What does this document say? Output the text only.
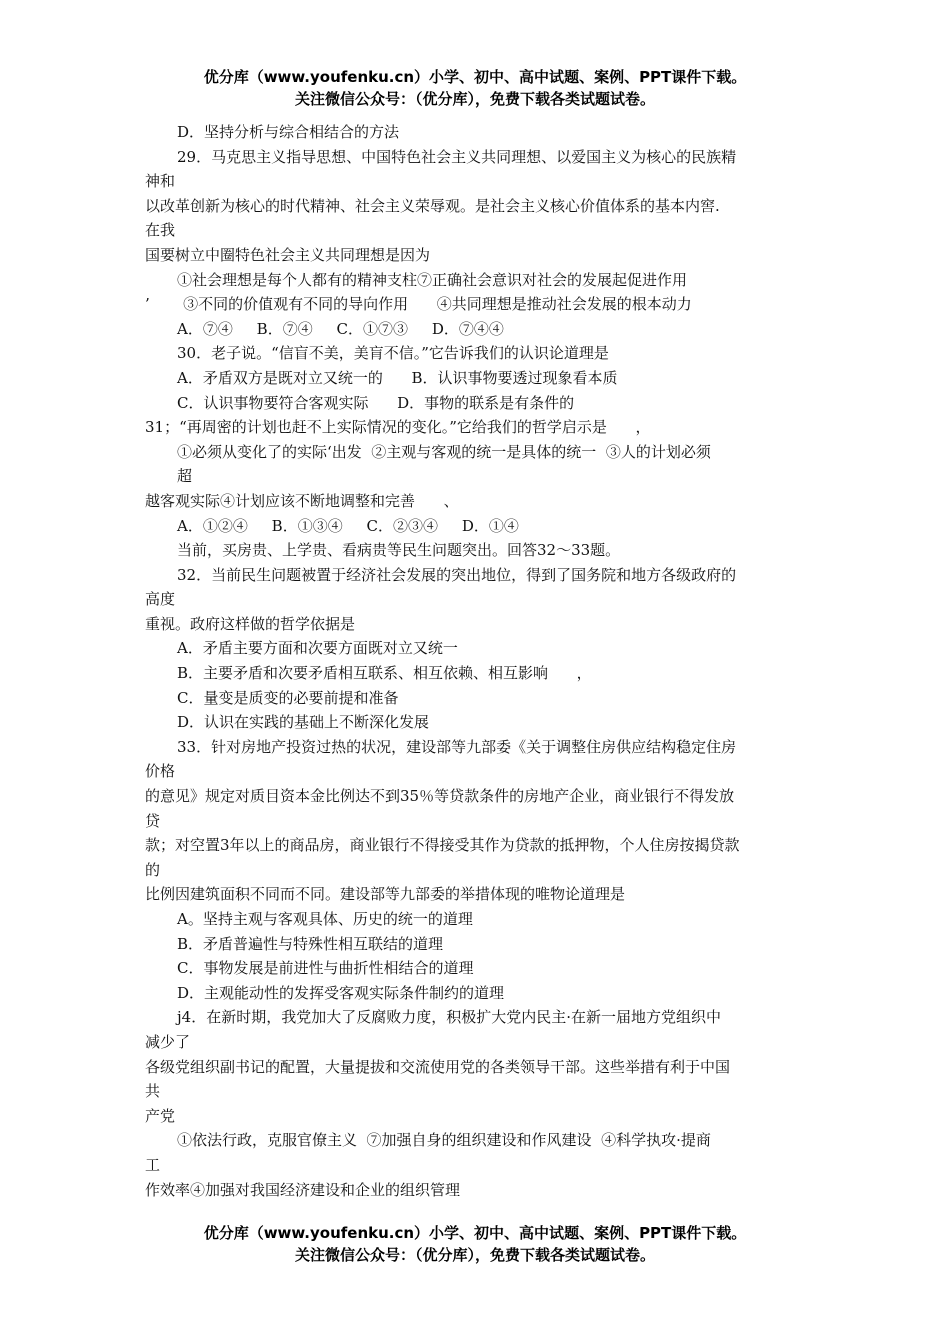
优分库（www.youfenku.cn）小学、初中、高中试题、案例、PPT课件下载。
关注微信公众号：（优分库），免费下载各类试题试卷。
D．坚持分析与综合相结合的方法
29．马克思主义指导思想、中国特色社会主义共同理想、以爱国主义为核心的民族精
神和
以改革创新为核心的时代精神、社会主义荣辱观。是社会主义核心价值体系的基本内窖.
在我
国要树立中圈特色社会主义共同理想是因为
①社会理想是每个人都有的精神支柱⑦正确社会意识对社会的发展起促进作用
’       ③不同的价值观有不同的导向作用      ④共同理想是推动社会发展的根本动力
A．⑦④     B．⑦④     C．①⑦③     D．⑦④④
30．老子说。“信盲不美，美肓不信。”它告诉我们的认识论道理是
A．矛盾双方是既对立又统一的      B．认识事物要透过现象看本质
C．认识事物要符合客观实际      D．事物的联系是有条件的
31；“再周密的计划也赶不上实际情况的变化。”它给我们的哲学启示是      ，
①必须从变化了的实际‘出发  ②主观与客观的统一是具体的统一  ③人的计划必须
超
越客观实际④计划应该不断地调整和完善      、
A．①②④     B．①③④     C．②③④     D．①④
当前，买房贵、上学贵、看病贵等民生问题突出。回答32～33题。
32．当前民生问题被置于经济社会发展的突出地位，得到了国务院和地方各级政府的
高度
重视。政府这样做的哲学依据是
A．矛盾主要方面和次要方面既对立又统一
B．主要矛盾和次要矛盾相互联系、相互依赖、相互影响      ，
C．量变是质变的必要前提和准备
D．认识在实践的基础上不断深化发展
33．针对房地产投资过热的状况，建设部等九部委《关于调整住房供应结构稳定住房
价格
的意见》规定对质目资本金比例达不到35％等贷款条件的房地产企业，商业银行不得发放
贷
款；对空置3年以上的商品房，商业银行不得接受其作为贷款的抵押物，个人住房按揭贷款
的
比例因建筑面积不同而不同。建设部等九部委的举措体现的唯物论道理是
A。坚持主观与客观具体、历史的统一的道理
B．矛盾普遍性与特殊性相互联结的道理
C．事物发展是前进性与曲折性相结合的道理
D．主观能动性的发挥受客观实际条件制约的道理
j4．在新时期，我党加大了反腐败力度，积极扩大党内民主·在新一届地方党组织中
减少了
各级党组织副书记的配置，大量提拔和交流使用党的各类领导干部。这些举措有利于中国
共
产党
①依法行政，克服官僚主义  ⑦加强自身的组织建设和作风建设  ④科学执攻·提商
工
作效率④加强对我国经济建设和企业的组织管理
优分库（www.youfenku.cn）小学、初中、高中试题、案例、PPT课件下载。
关注微信公众号：（优分库），免费下载各类试题试卷。
